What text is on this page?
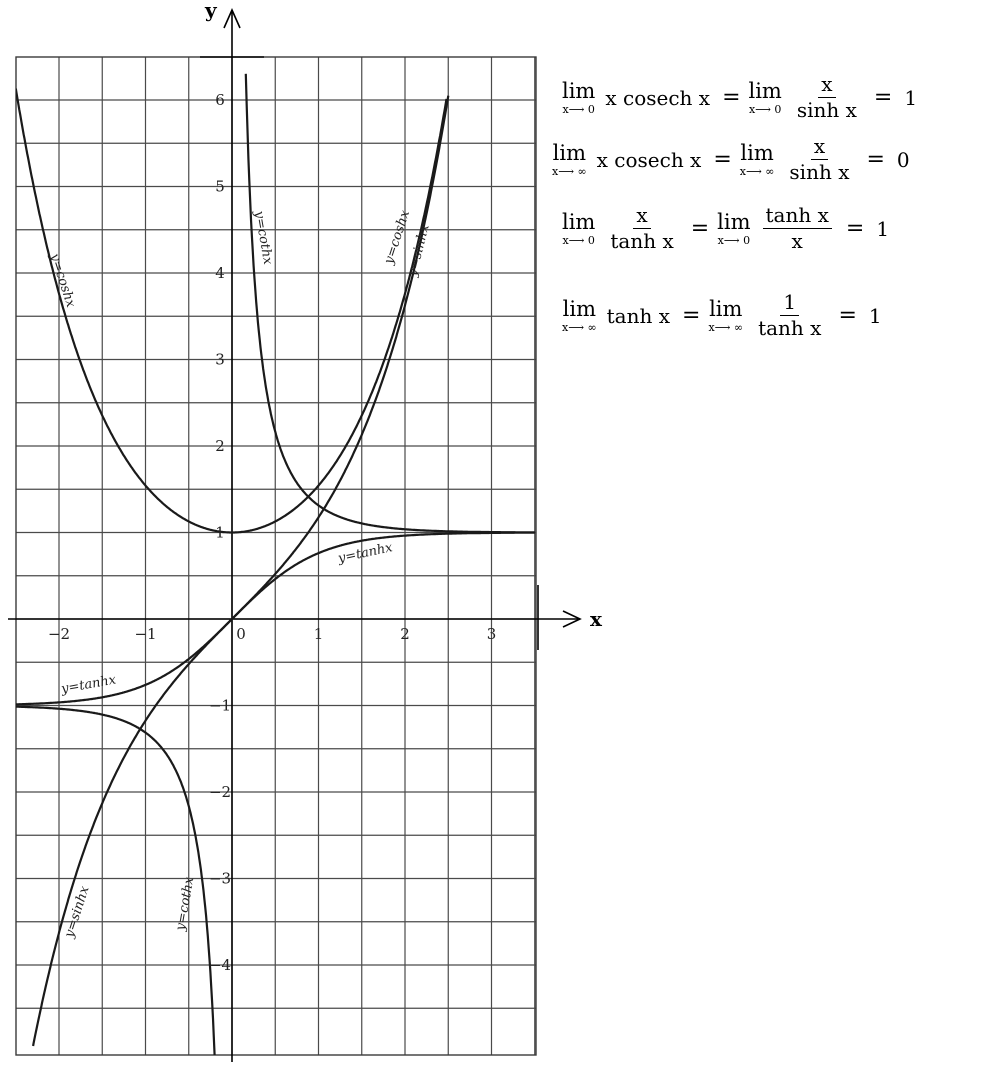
−2	−1	0	1	2	3
6
5
4
3
2
1
−1
−2
−3
−4
y=coshx
y=cothx	y=coshx
y=sinhx
y=tanhx
y=tanhx
y=sinhx	y=cothx
y
x
lim
x⟶ 0 x cosech x = lim
x⟶ $0 \frac{x}{\text{sinh x}} = 1$
lim
x⟶ ∞ x cosech x = lim
x⟶ ∞ $\frac{x}{\text{sinh x}} = 0$
lim
x⟶ $0 \frac{x}{\text{tanh x}} = \lim$
x⟶ $0 \frac{\text{tanh x}}{x} = 1$
lim
x⟶ ∞ tanh x = lim
x⟶ ∞ $\frac{1}{\text{tanh x}} = 1$
